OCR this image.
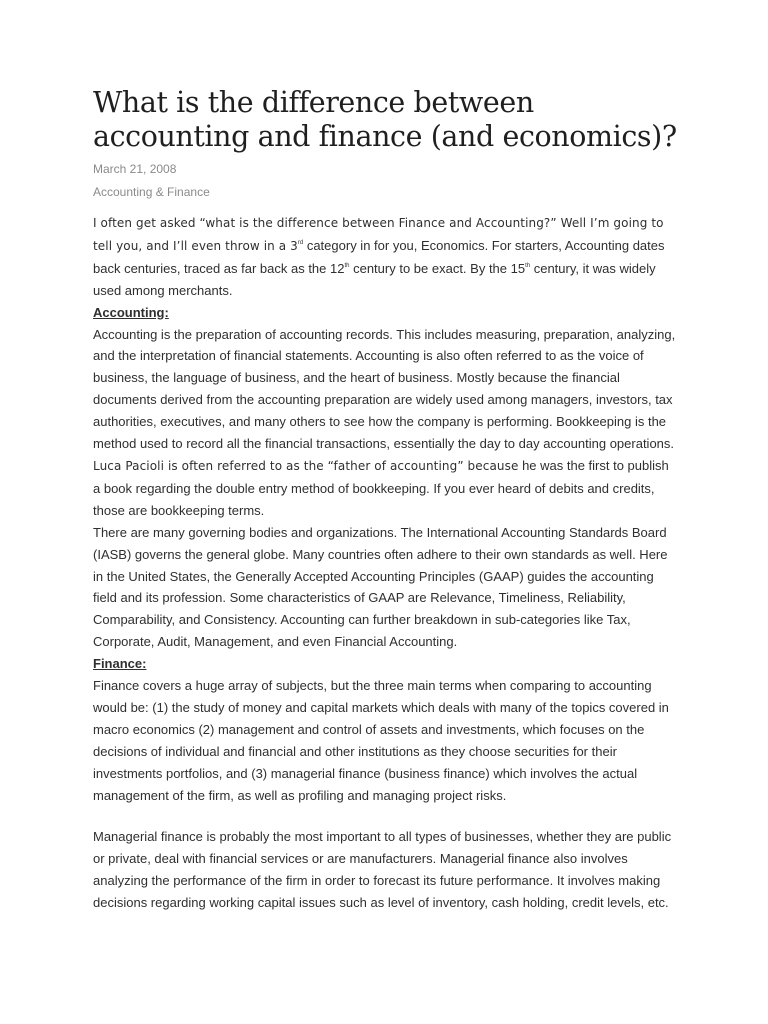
What is the difference between accounting and finance (and economics)?
March 21, 2008
Accounting & Finance

I often get asked “what is the difference between Finance and Accounting?” Well I’m going to tell you, and I’ll even throw in a 3rd category in for you, Economics. For starters, Accounting dates back centuries, traced as far back as the 12th century to be exact. By the 15th century, it was widely used among merchants.

Accounting:

Accounting is the preparation of accounting records. This includes measuring, preparation, analyzing, and the interpretation of financial statements. Accounting is also often referred to as the voice of business, the language of business, and the heart of business. Mostly because the financial documents derived from the accounting preparation are widely used among managers, investors, tax authorities, executives, and many others to see how the company is performing. Bookkeeping is the method used to record all the financial transactions, essentially the day to day accounting operations. Luca Pacioli is often referred to as the “father of accounting” because he was the first to publish a book regarding the double entry method of bookkeeping. If you ever heard of debits and credits, those are bookkeeping terms.

There are many governing bodies and organizations. The International Accounting Standards Board (IASB) governs the general globe. Many countries often adhere to their own standards as well. Here in the United States, the Generally Accepted Accounting Principles (GAAP) guides the accounting field and its profession. Some characteristics of GAAP are Relevance, Timeliness, Reliability, Comparability, and Consistency. Accounting can further breakdown in sub-categories like Tax, Corporate, Audit, Management, and even Financial Accounting.

Finance:

Finance covers a huge array of subjects, but the three main terms when comparing to accounting would be: (1) the study of money and capital markets which deals with many of the topics covered in macro economics (2) management and control of assets and investments, which focuses on the decisions of individual and financial and other institutions as they choose securities for their investments portfolios, and (3) managerial finance (business finance) which involves the actual management of the firm, as well as profiling and managing project risks.

Managerial finance is probably the most important to all types of businesses, whether they are public or private, deal with financial services or are manufacturers. Managerial finance also involves analyzing the performance of the firm in order to forecast its future performance. It involves making decisions regarding working capital issues such as level of inventory, cash holding, credit levels, etc.
